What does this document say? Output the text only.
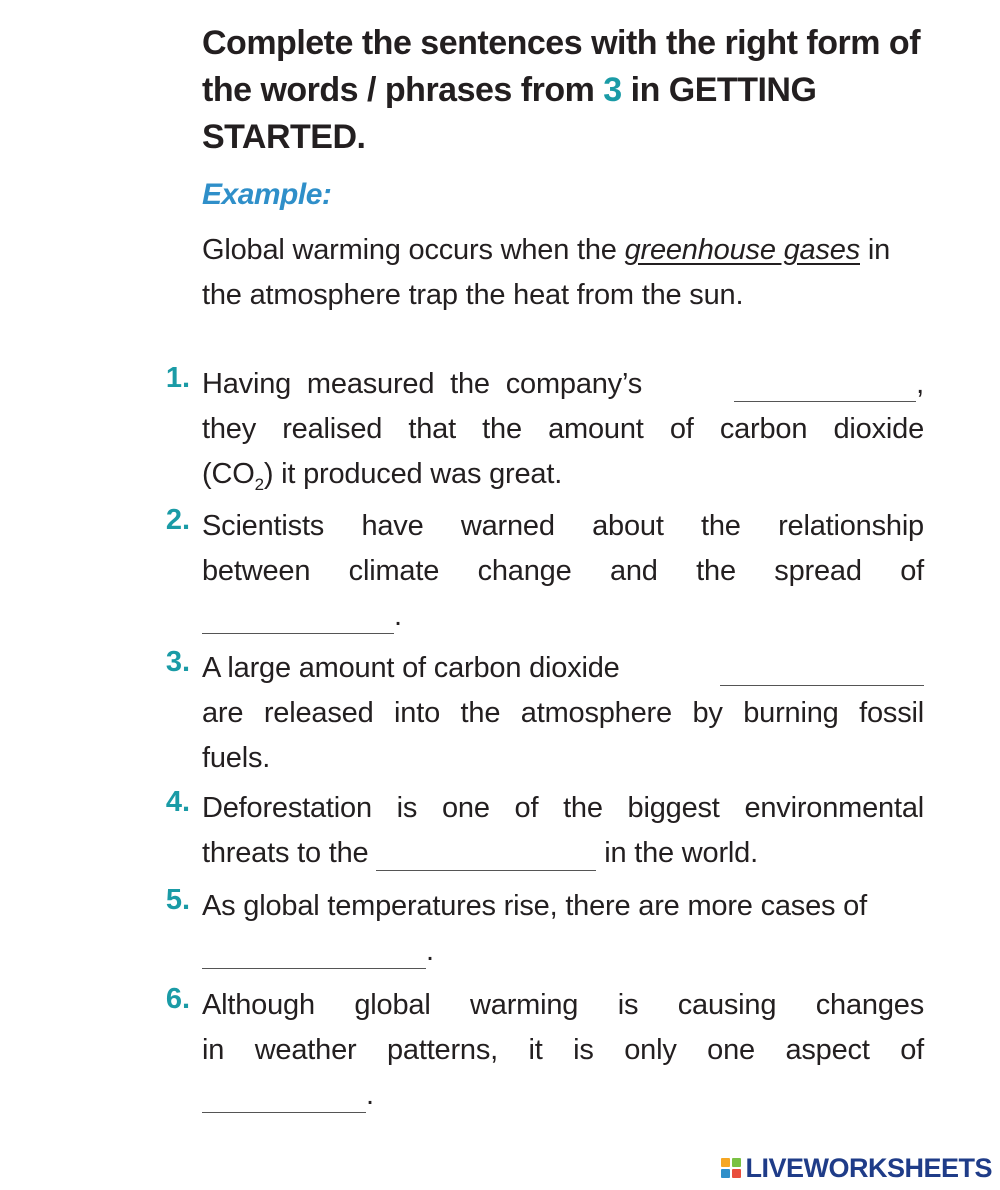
Complete the sentences with the right form of the words / phrases from 3 in GETTING STARTED.
Example:
Global warming occurs when the greenhouse gases in the atmosphere trap the heat from the sun.
1. Having measured the company’s	,
they realised that the amount of carbon dioxide
$(CO_2)$ it produced was great.
2. Scientists have warned about the relationship
between climate change and the spread of
.
3. A large amount of carbon dioxide
are released into the atmosphere by burning fossil
fuels.
4. Deforestation is one of the biggest environmental
threats to the	in the world.
5. As global temperatures rise, there are more cases of
.
6. Although global warming is causing changes
in weather patterns, it is only one aspect of
.
LIVEWORKSHEETS
